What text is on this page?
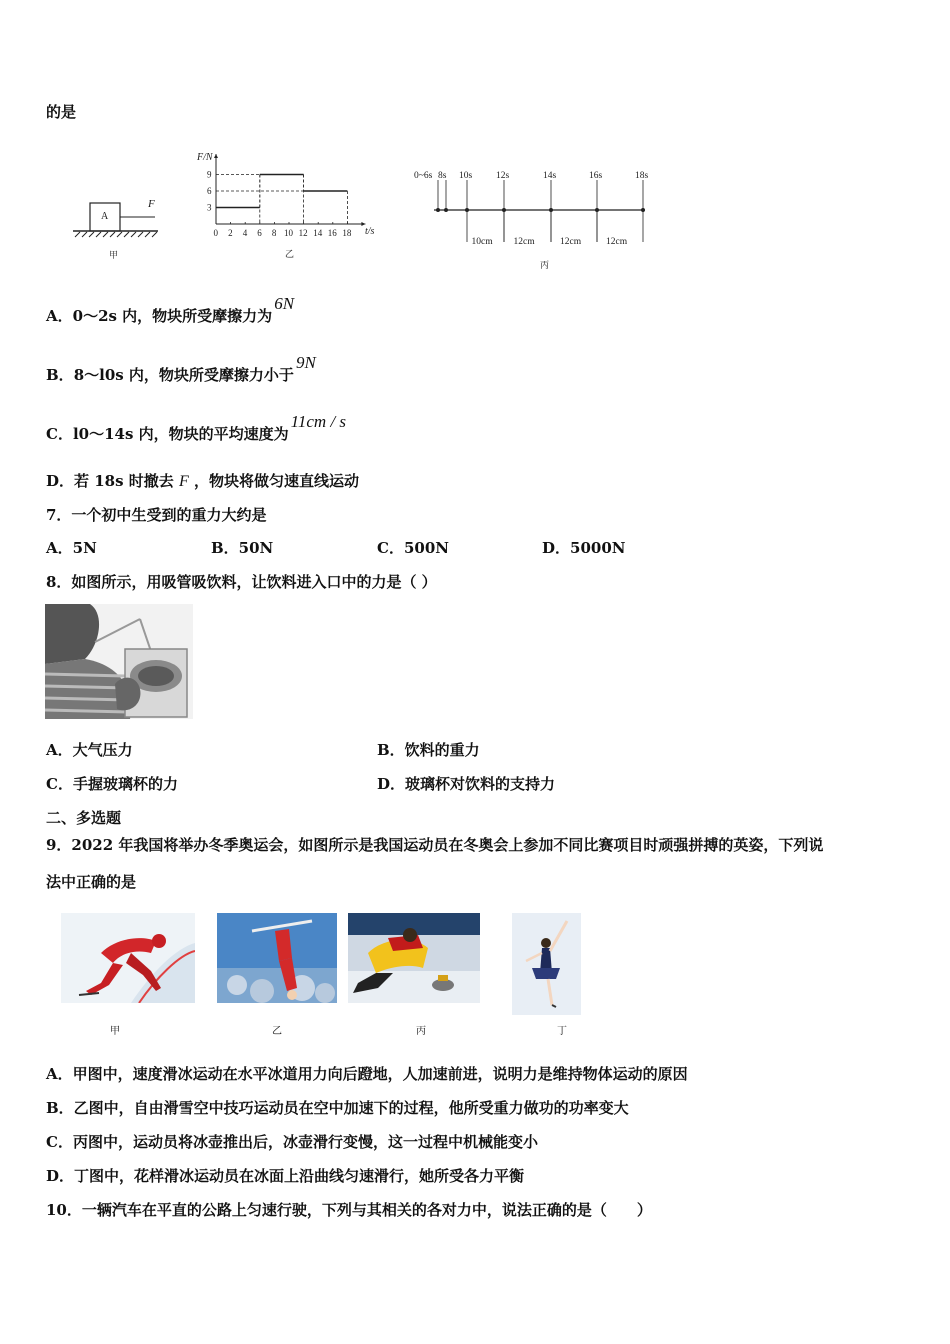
的是
A
F
甲
F/N
t/s
乙
0 2 4 6 8 10 12 14 16 18
9
6
3
0~6s 8s 10s	12s	14s	16s	18s
10cm 12cm	12cm	12cm
丙
A．0～2s 内，物块所受摩擦力为6N
B．8～l0s 内，物块所受摩擦力小于9N
C．l0～14s 内，物块的平均速度为11cm / s
D．若 18s 时撤去 F ，物块将做匀速直线运动
7．一个初中生受到的重力大约是
A．5N	B．50N	C．500N	D．5000N
8．如图所示，用吸管吸饮料，让饮料进入口中的力是（ ）
A．大气压力	B．饮料的重力
C．手握玻璃杯的力	D．玻璃杯对饮料的支持力
二、多选题
9．2022 年我国将举办冬季奥运会，如图所示是我国运动员在冬奥会上参加不同比赛项目时顽强拼搏的英姿，下列说
法中正确的是
甲	乙	丙	丁
A．甲图中，速度滑冰运动在水平冰道用力向后蹬地，人加速前进，说明力是维持物体运动的原因
B．乙图中，自由滑雪空中技巧运动员在空中加速下的过程，他所受重力做功的功率变大
C．丙图中，运动员将冰壶推出后，冰壶滑行变慢，这一过程中机械能变小
D．丁图中，花样滑冰运动员在冰面上沿曲线匀速滑行，她所受各力平衡
10．一辆汽车在平直的公路上匀速行驶，下列与其相关的各对力中，说法正确的是（　　）
